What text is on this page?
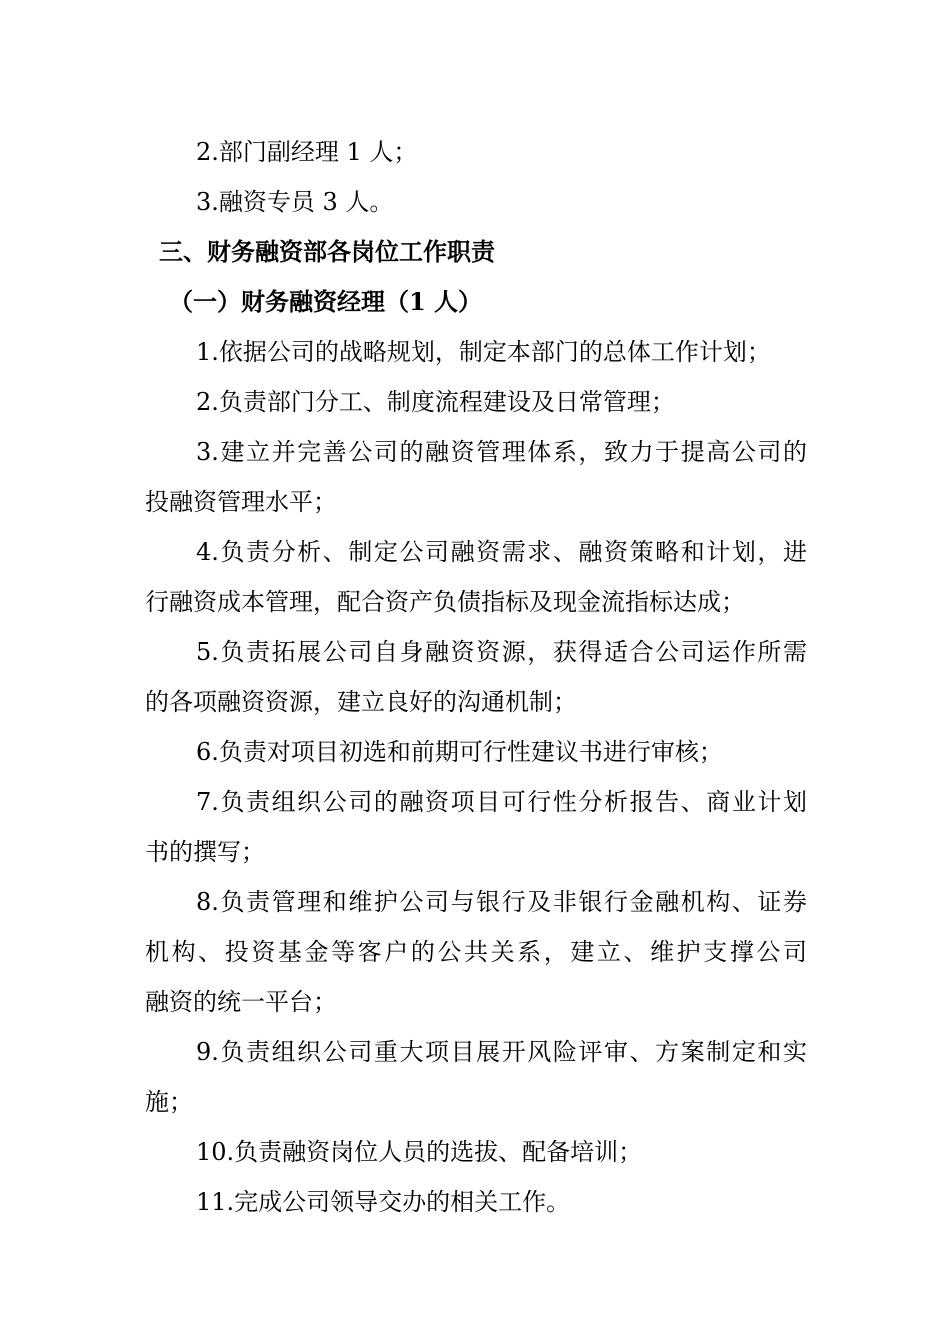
2.部门副经理 1 人；

3.融资专员 3 人。

三、财务融资部各岗位工作职责

（一）财务融资经理（1 人）

1.依据公司的战略规划，制定本部门的总体工作计划；

2.负责部门分工、制度流程建设及日常管理；

3.建立并完善公司的融资管理体系，致力于提高公司的

投融资管理水平；

4.负责分析、制定公司融资需求、融资策略和计划，进

行融资成本管理，配合资产负债指标及现金流指标达成；

5.负责拓展公司自身融资资源，获得适合公司运作所需

的各项融资资源，建立良好的沟通机制；

6.负责对项目初选和前期可行性建议书进行审核；

7.负责组织公司的融资项目可行性分析报告、商业计划

书的撰写；

8.负责管理和维护公司与银行及非银行金融机构、证券

机构、投资基金等客户的公共关系，建立、维护支撑公司

融资的统一平台；

9.负责组织公司重大项目展开风险评审、方案制定和实

施；

10.负责融资岗位人员的选拔、配备培训；

11.完成公司领导交办的相关工作。
